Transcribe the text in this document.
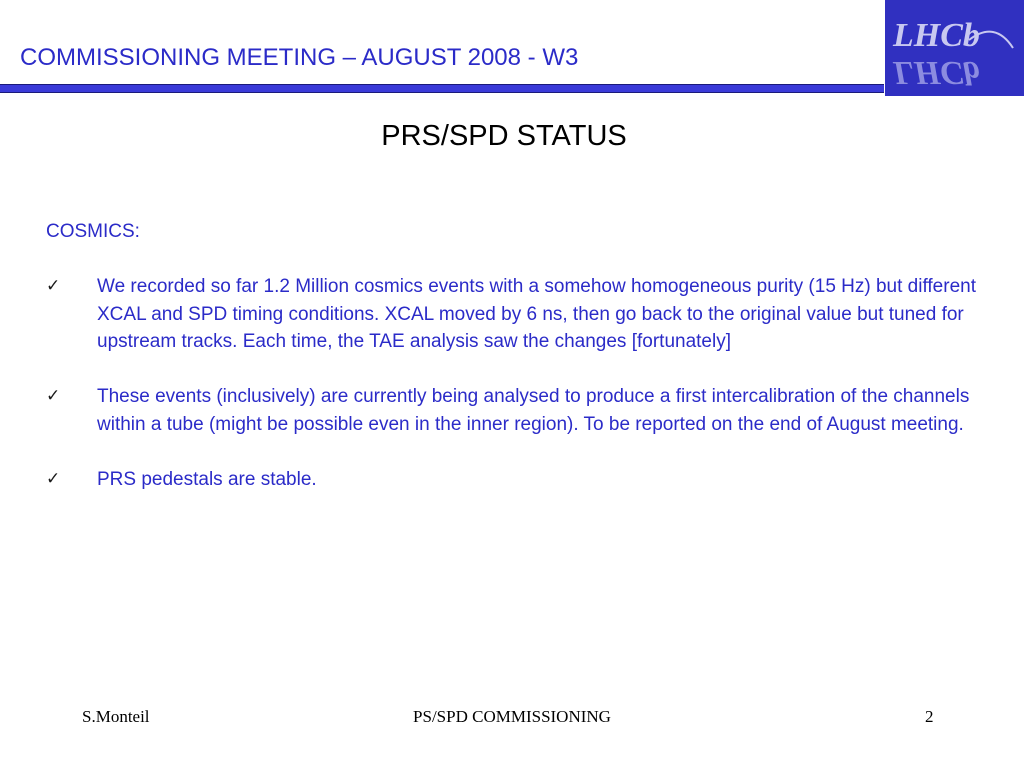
COMMISSIONING MEETING – AUGUST 2008 - W3
LHCb
LHCb
PRS/SPD STATUS
COSMICS:
✓ We recorded so far 1.2 Million cosmics events with a somehow homogeneous purity (15 Hz) but different XCAL and SPD timing conditions. XCAL moved by 6 ns, then go back to the original value but tuned for upstream tracks. Each time, the TAE analysis saw the changes [fortunately]
✓ These events (inclusively) are currently being analysed to produce a first intercalibration of the channels within a tube (might be possible even in the inner region). To be reported on the end of August meeting.
✓ PRS pedestals are stable.
S.Monteil	PS/SPD COMMISSIONING	2
